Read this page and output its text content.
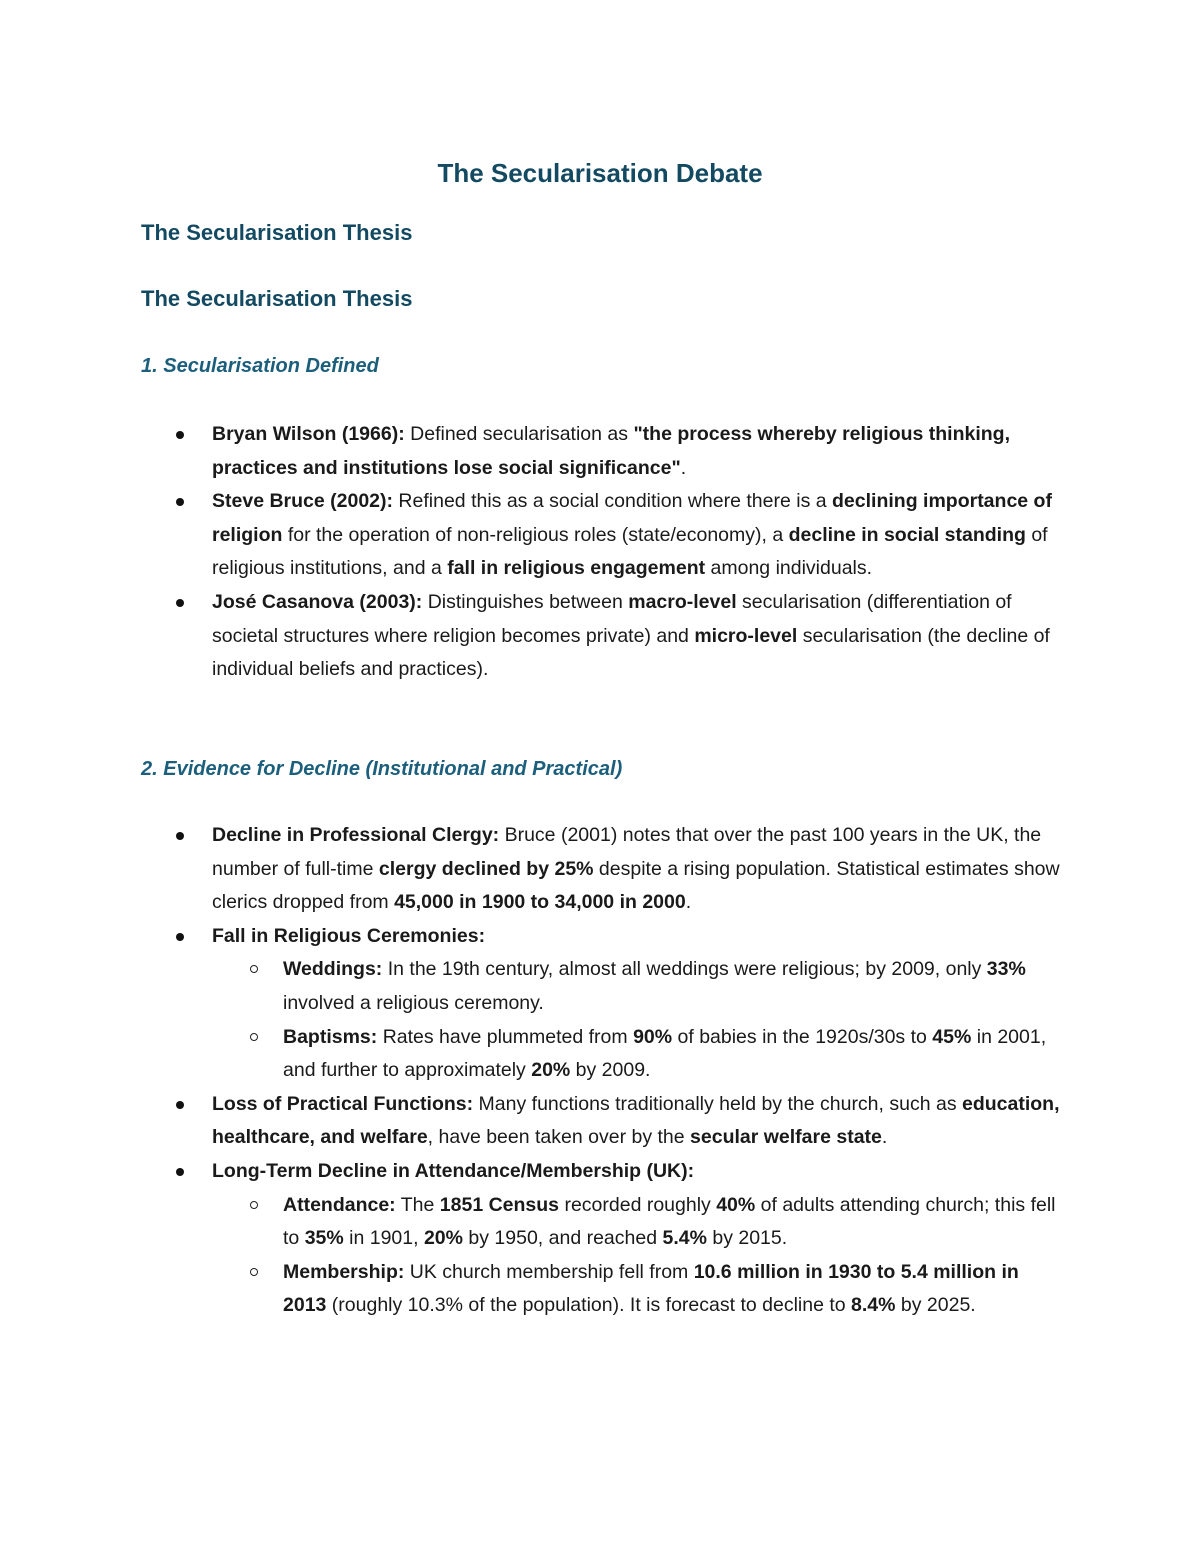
The Secularisation Debate
The Secularisation Thesis
The Secularisation Thesis
1. Secularisation Defined
Bryan Wilson (1966): Defined secularisation as "the process whereby religious thinking, practices and institutions lose social significance".
Steve Bruce (2002): Refined this as a social condition where there is a declining importance of religion for the operation of non-religious roles (state/economy), a decline in social standing of religious institutions, and a fall in religious engagement among individuals.
José Casanova (2003): Distinguishes between macro-level secularisation (differentiation of societal structures where religion becomes private) and micro-level secularisation (the decline of individual beliefs and practices).
2. Evidence for Decline (Institutional and Practical)
Decline in Professional Clergy: Bruce (2001) notes that over the past 100 years in the UK, the number of full-time clergy declined by 25% despite a rising population. Statistical estimates show clerics dropped from 45,000 in 1900 to 34,000 in 2000.
Fall in Religious Ceremonies:
Weddings: In the 19th century, almost all weddings were religious; by 2009, only 33% involved a religious ceremony.
Baptisms: Rates have plummeted from 90% of babies in the 1920s/30s to 45% in 2001, and further to approximately 20% by 2009.
Loss of Practical Functions: Many functions traditionally held by the church, such as education, healthcare, and welfare, have been taken over by the secular welfare state.
Long-Term Decline in Attendance/Membership (UK):
Attendance: The 1851 Census recorded roughly 40% of adults attending church; this fell to 35% in 1901, 20% by 1950, and reached 5.4% by 2015.
Membership: UK church membership fell from 10.6 million in 1930 to 5.4 million in 2013 (roughly 10.3% of the population). It is forecast to decline to 8.4% by 2025.
